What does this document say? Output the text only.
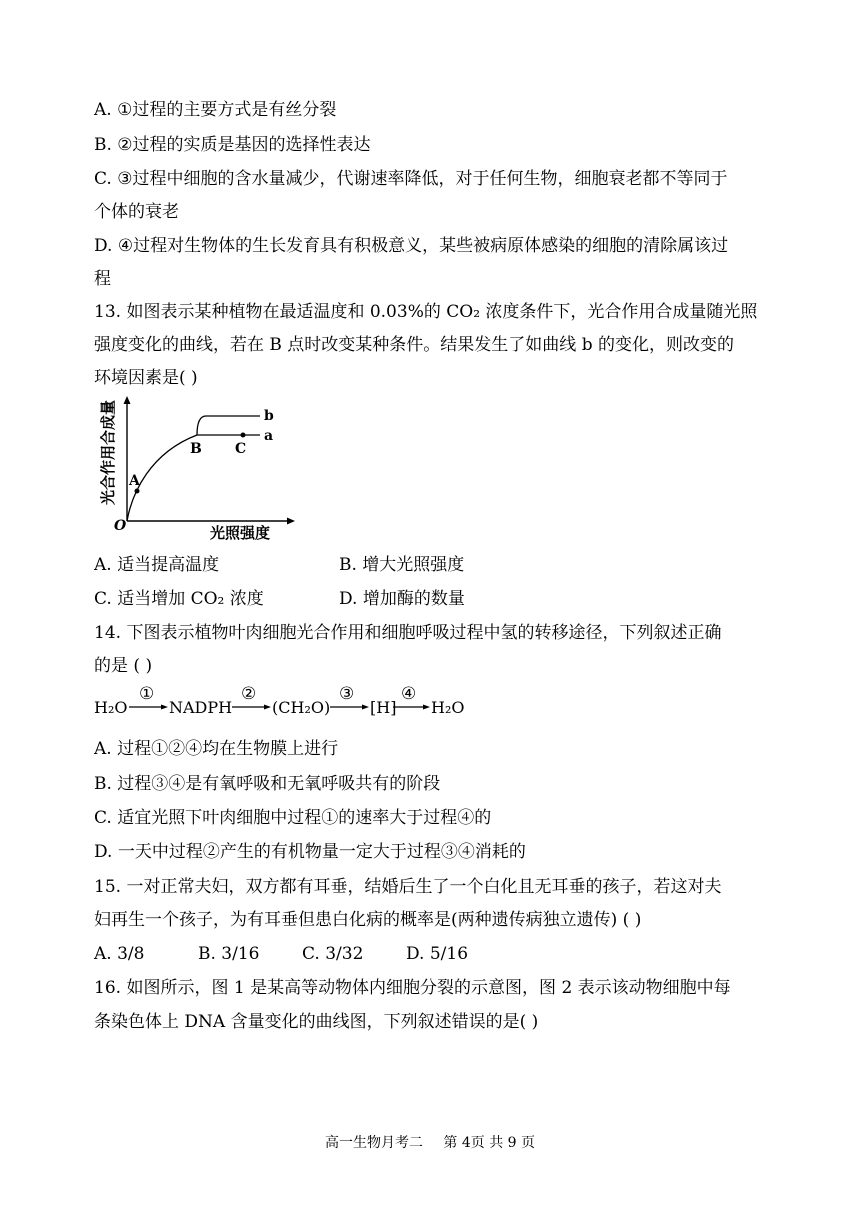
A. ①过程的主要方式是有丝分裂
B. ②过程的实质是基因的选择性表达
C. ③过程中细胞的含水量减少，代谢速率降低，对于任何生物，细胞衰老都不等同于
个体的衰老
D. ④过程对生物体的生长发育具有积极意义，某些被病原体感染的细胞的清除属该过
程
13. 如图表示某种植物在最适温度和 0.03%的 CO₂ 浓度条件下，光合作用合成量随光照
强度变化的曲线，若在 B 点时改变某种条件。结果发生了如曲线 b 的变化，则改变的
环境因素是( )
A
B C
a
b
O	光照强度
光合作用合成量
A. 适当提高温度	B. 增大光照强度
C. 适当增加 CO₂ 浓度	D. 增加酶的数量
14. 下图表示植物叶肉细胞光合作用和细胞呼吸过程中氢的转移途径，下列叙述正确
的是 ( )
H₂O
①
NADPH
②
(CH₂O)
③
[H]
④
H₂O
A. 过程①②④均在生物膜上进行
B. 过程③④是有氧呼吸和无氧呼吸共有的阶段
C. 适宜光照下叶肉细胞中过程①的速率大于过程④的
D. 一天中过程②产生的有机物量一定大于过程③④消耗的
15. 一对正常夫妇，双方都有耳垂，结婚后生了一个白化且无耳垂的孩子，若这对夫
妇再生一个孩子，为有耳垂但患白化病的概率是(两种遗传病独立遗传) ( )
A. 3/8	B. 3/16	C. 3/32	D. 5/16
16. 如图所示，图 1 是某高等动物体内细胞分裂的示意图，图 2 表示该动物细胞中每
条染色体上 DNA 含量变化的曲线图，下列叙述错误的是( )
高一生物月考二 第 4页 共 9 页
